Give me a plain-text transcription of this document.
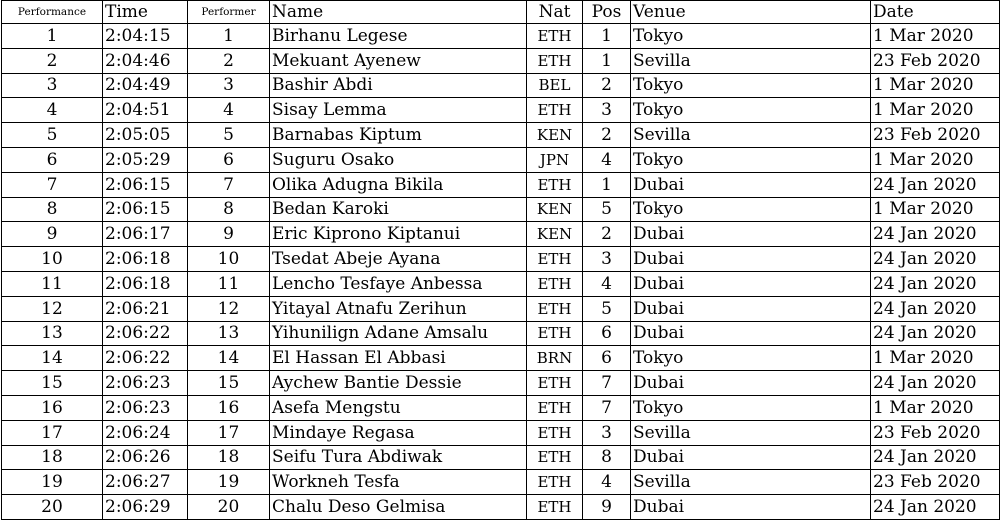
Performance	Time	Performer	Name	Nat	Pos	Venue	Date
1	2:04:15	1	Birhanu Legese	ETH	1	Tokyo	1 Mar 2020
2	2:04:46	2	Mekuant Ayenew	ETH	1	Sevilla	23 Feb 2020
3	2:04:49	3	Bashir Abdi	BEL	2	Tokyo	1 Mar 2020
4	2:04:51	4	Sisay Lemma	ETH	3	Tokyo	1 Mar 2020
5	2:05:05	5	Barnabas Kiptum	KEN	2	Sevilla	23 Feb 2020
6	2:05:29	6	Suguru Osako	JPN	4	Tokyo	1 Mar 2020
7	2:06:15	7	Olika Adugna Bikila	ETH	1	Dubai	24 Jan 2020
8	2:06:15	8	Bedan Karoki	KEN	5	Tokyo	1 Mar 2020
9	2:06:17	9	Eric Kiprono Kiptanui	KEN	2	Dubai	24 Jan 2020
10	2:06:18	10	Tsedat Abeje Ayana	ETH	3	Dubai	24 Jan 2020
11	2:06:18	11	Lencho Tesfaye Anbessa	ETH	4	Dubai	24 Jan 2020
12	2:06:21	12	Yitayal Atnafu Zerihun	ETH	5	Dubai	24 Jan 2020
13	2:06:22	13	Yihunilign Adane Amsalu	ETH	6	Dubai	24 Jan 2020
14	2:06:22	14	El Hassan El Abbasi	BRN	6	Tokyo	1 Mar 2020
15	2:06:23	15	Aychew Bantie Dessie	ETH	7	Dubai	24 Jan 2020
16	2:06:23	16	Asefa Mengstu	ETH	7	Tokyo	1 Mar 2020
17	2:06:24	17	Mindaye Regasa	ETH	3	Sevilla	23 Feb 2020
18	2:06:26	18	Seifu Tura Abdiwak	ETH	8	Dubai	24 Jan 2020
19	2:06:27	19	Workneh Tesfa	ETH	4	Sevilla	23 Feb 2020
20	2:06:29	20	Chalu Deso Gelmisa	ETH	9	Dubai	24 Jan 2020
